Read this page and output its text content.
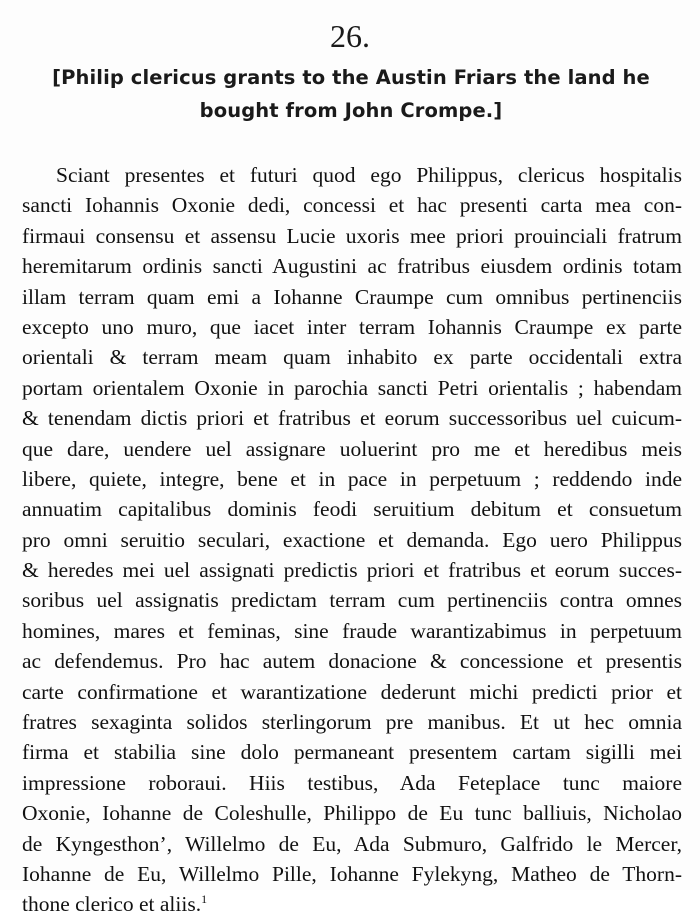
26.
[Philip clericus grants to the Austin Friars the land he
bought from John Crompe.]
Sciant presentes et futuri quod ego Philippus, clericus hospitalis
sancti Iohannis Oxonie dedi, concessi et hac presenti carta mea con-
firmaui consensu et assensu Lucie uxoris mee priori prouinciali fratrum
heremitarum ordinis sancti Augustini ac fratribus eiusdem ordinis totam
illam terram quam emi a Iohanne Craumpe cum omnibus pertinenciis
excepto uno muro, que iacet inter terram Iohannis Craumpe ex parte
orientali & terram meam quam inhabito ex parte occidentali extra
portam orientalem Oxonie in parochia sancti Petri orientalis ; habendam
& tenendam dictis priori et fratribus et eorum successoribus uel cuicum-
que dare, uendere uel assignare uoluerint pro me et heredibus meis
libere, quiete, integre, bene et in pace in perpetuum ; reddendo inde
annuatim capitalibus dominis feodi seruitium debitum et consuetum
pro omni seruitio seculari, exactione et demanda. Ego uero Philippus
& heredes mei uel assignati predictis priori et fratribus et eorum succes-
soribus uel assignatis predictam terram cum pertinenciis contra omnes
homines, mares et feminas, sine fraude warantizabimus in perpetuum
ac defendemus. Pro hac autem donacione & concessione et presentis
carte confirmatione et warantizatione dederunt michi predicti prior et
fratres sexaginta solidos sterlingorum pre manibus. Et ut hec omnia
firma et stabilia sine dolo permaneant presentem cartam sigilli mei
impressione roboraui. Hiis testibus, Ada Feteplace tunc maiore
Oxonie, Iohanne de Coleshulle, Philippo de Eu tunc balliuis, Nicholao
de Kyngesthon’, Willelmo de Eu, Ada Submuro, Galfrido le Mercer,
Iohanne de Eu, Willelmo Pille, Iohanne Fylekyng, Matheo de Thorn-
thone clerico et aliis.$^1$
